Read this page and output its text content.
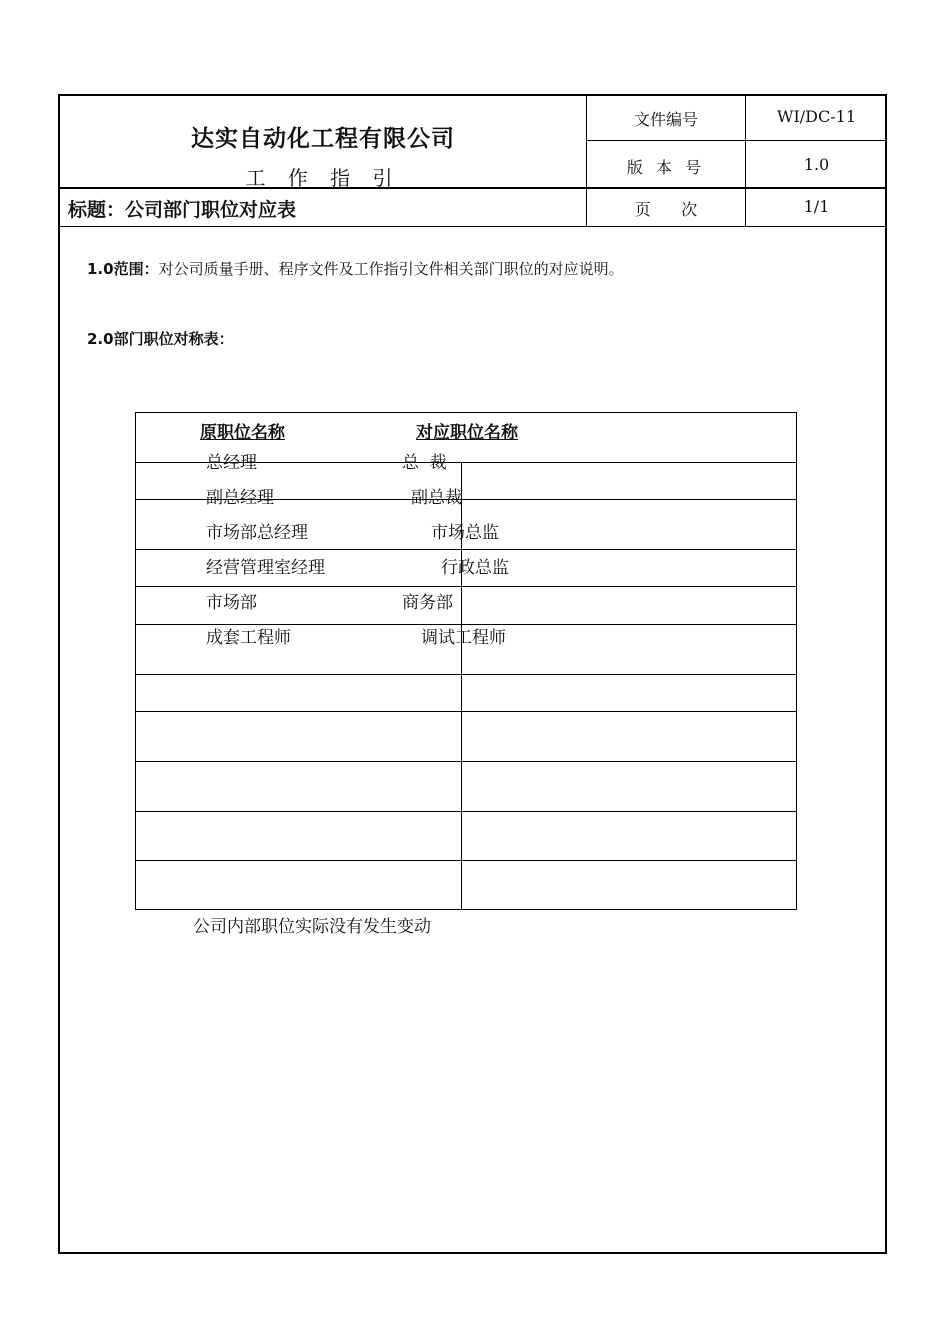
达实自动化工程有限公司
工 作 指 引
标题：公司部门职位对应表
文件编号	WI/DC-11
版 本 号	1.0
页      次	1/1
1.0范围：对公司质量手册、程序文件及工作指引文件相关部门职位的对应说明。
2.0部门职位对称表：
原职位名称	对应职位名称
总经理	总  裁
副总经理	副总裁
市场部总经理	市场总监
经营管理室经理	行政总监
市场部	商务部
成套工程师	调试工程师
公司内部职位实际没有发生变动
